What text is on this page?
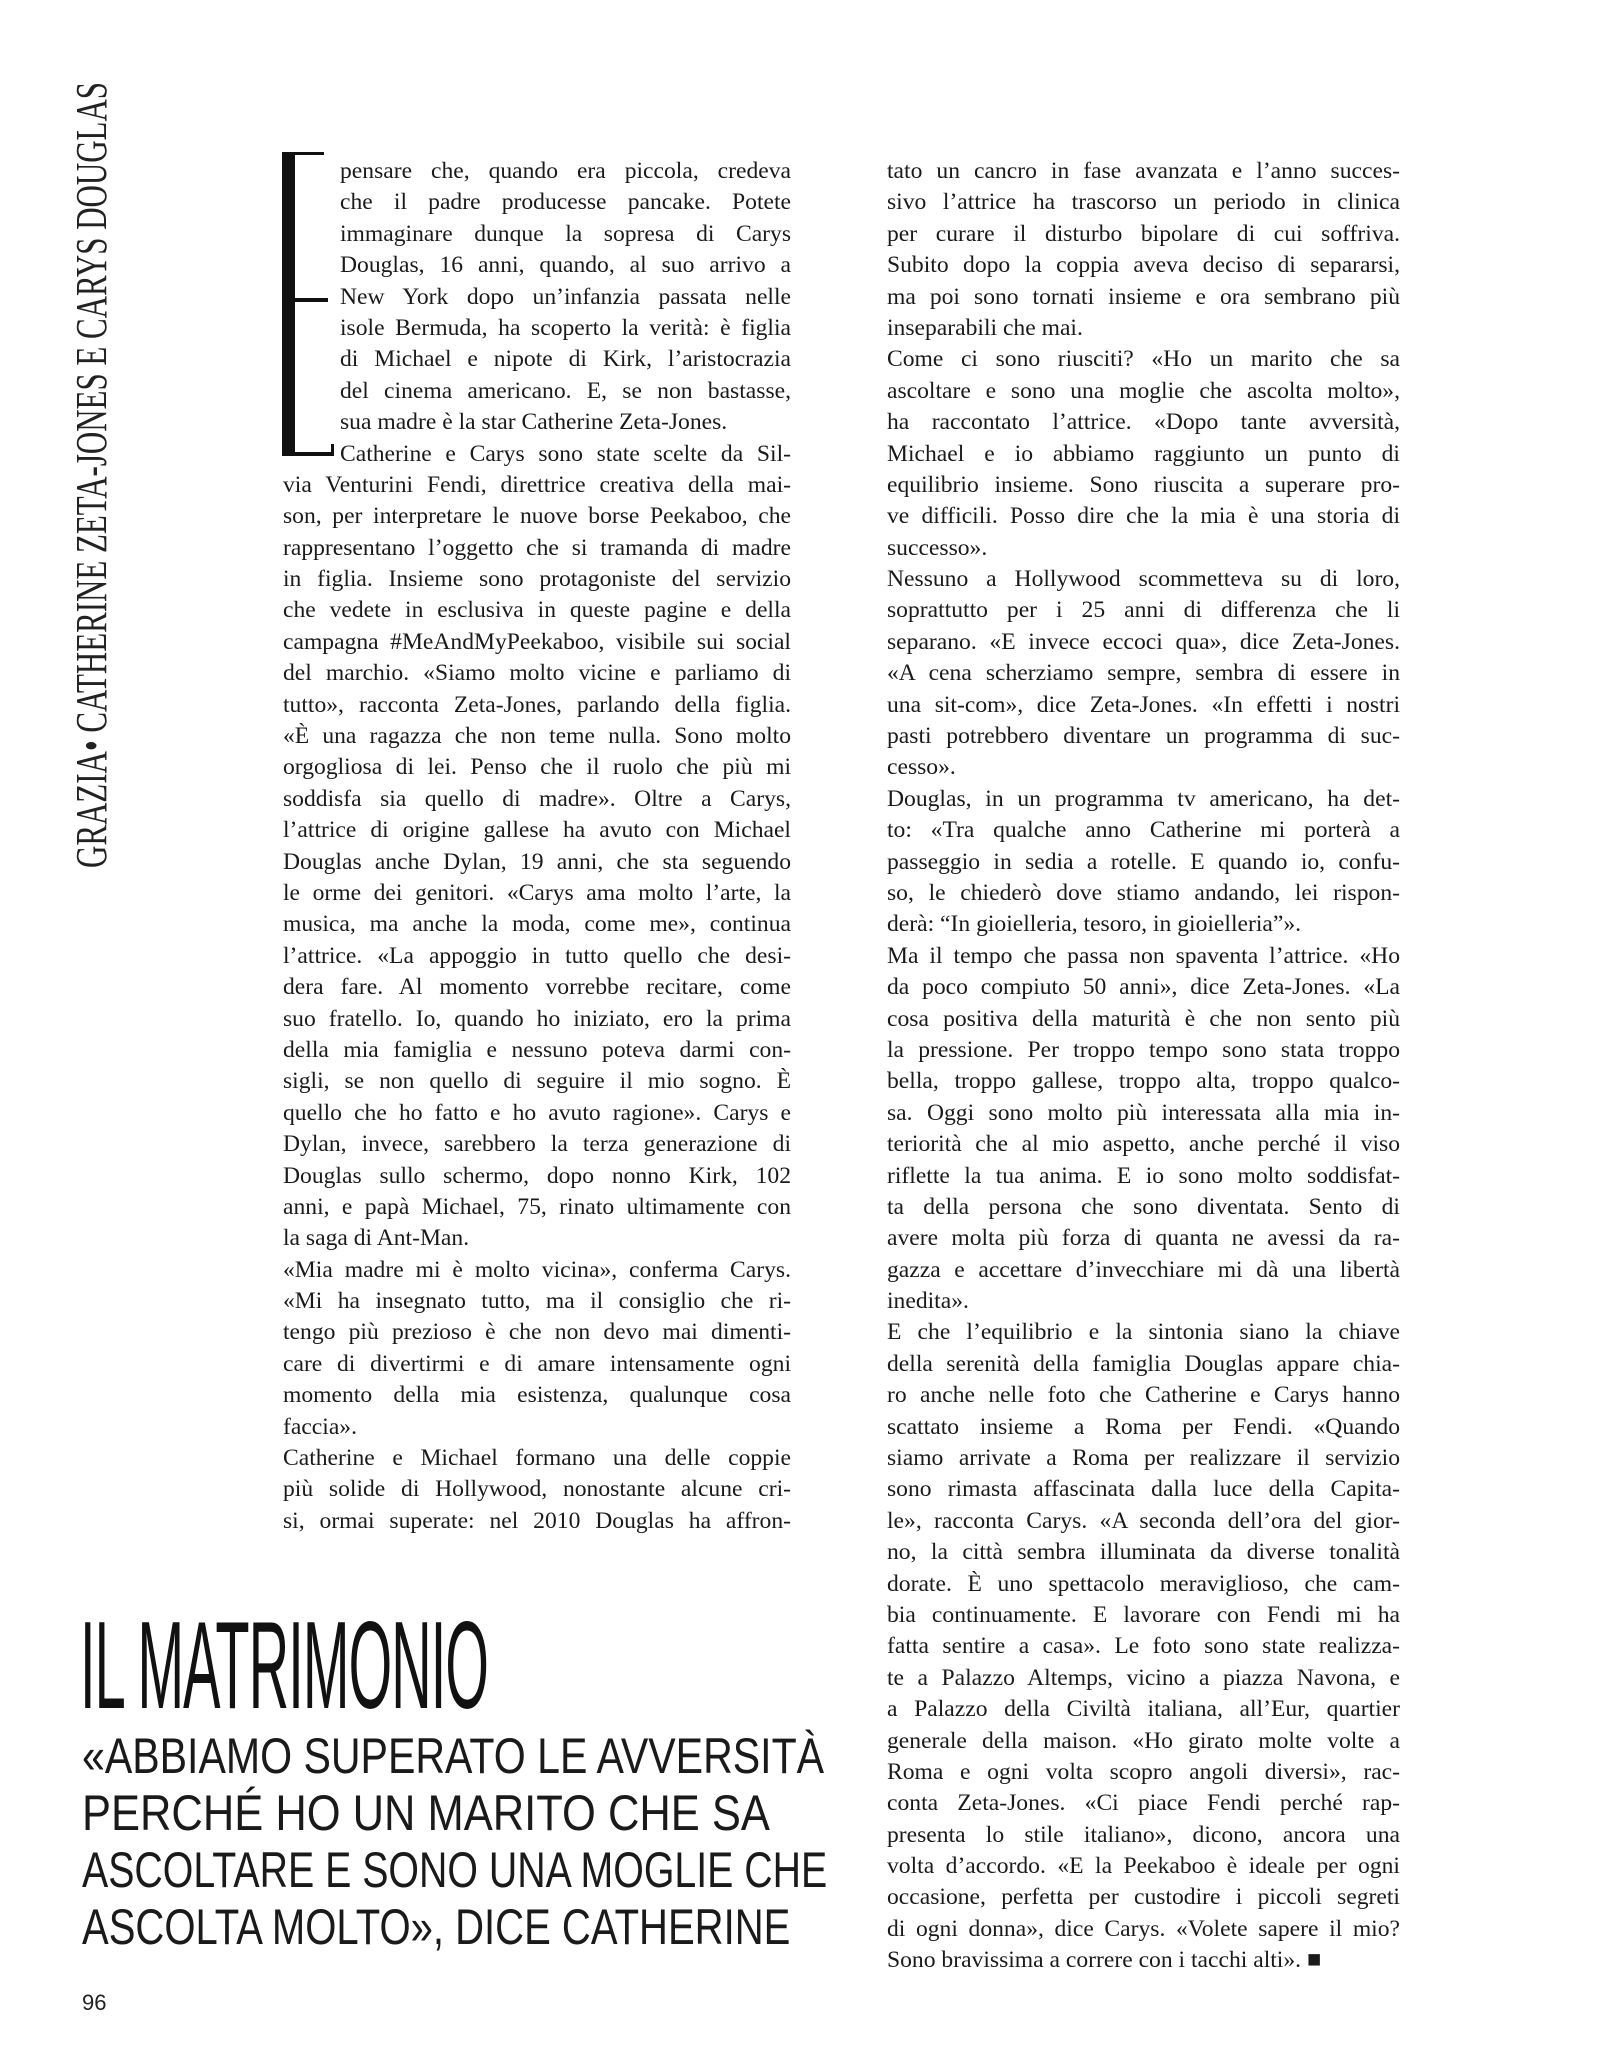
GRAZIA• CATHERINE ZETA-JONES E CARYS DOUGLAS	pensare che, quando era piccola, credeva
che il padre producesse pancake. Potete
immaginare dunque la sopresa di Carys
Douglas, 16 anni, quando, al suo arrivo a
New York dopo un’infanzia passata nelle
isole Bermuda, ha scoperto la verità: è figlia
di Michael e nipote di Kirk, l’aristocrazia
del cinema americano. E, se non bastasse,
sua madre è la star Catherine Zeta-Jones.
Catherine e Carys sono state scelte da Sil-
via Venturini Fendi, direttrice creativa della mai-
son, per interpretare le nuove borse Peekaboo, che
rappresentano l’oggetto che si tramanda di madre
in figlia. Insieme sono protagoniste del servizio
che vedete in esclusiva in queste pagine e della
campagna #MeAndMyPeekaboo, visibile sui social
del marchio. «Siamo molto vicine e parliamo di
tutto», racconta Zeta-Jones, parlando della figlia.
«È una ragazza che non teme nulla. Sono molto
orgogliosa di lei. Penso che il ruolo che più mi
soddisfa sia quello di madre». Oltre a Carys,
l’attrice di origine gallese ha avuto con Michael
Douglas anche Dylan, 19 anni, che sta seguendo
le orme dei genitori. «Carys ama molto l’arte, la
musica, ma anche la moda, come me», continua
l’attrice. «La appoggio in tutto quello che desi-
dera fare. Al momento vorrebbe recitare, come
suo fratello. Io, quando ho iniziato, ero la prima
della mia famiglia e nessuno poteva darmi con-
sigli, se non quello di seguire il mio sogno. È
quello che ho fatto e ho avuto ragione». Carys e
Dylan, invece, sarebbero la terza generazione di
Douglas sullo schermo, dopo nonno Kirk, 102
anni, e papà Michael, 75, rinato ultimamente con
la saga di Ant-Man.
«Mia madre mi è molto vicina», conferma Carys.
«Mi ha insegnato tutto, ma il consiglio che ri-
tengo più prezioso è che non devo mai dimenti-
care di divertirmi e di amare intensamente ogni
momento della mia esistenza, qualunque cosa
faccia».
Catherine e Michael formano una delle coppie
più solide di Hollywood, nonostante alcune cri-
si, ormai superate: nel 2010 Douglas ha affron-
tato un cancro in fase avanzata e l’anno succes-
sivo l’attrice ha trascorso un periodo in clinica
per curare il disturbo bipolare di cui soffriva.
Subito dopo la coppia aveva deciso di separarsi,
ma poi sono tornati insieme e ora sembrano più
inseparabili che mai.
Come ci sono riusciti? «Ho un marito che sa
ascoltare e sono una moglie che ascolta molto»,
ha raccontato l’attrice. «Dopo tante avversità,
Michael e io abbiamo raggiunto un punto di
equilibrio insieme. Sono riuscita a superare pro-
ve difficili. Posso dire che la mia è una storia di
successo».
Nessuno a Hollywood scommetteva su di loro,
soprattutto per i 25 anni di differenza che li
separano. «E invece eccoci qua», dice Zeta-Jones.
«A cena scherziamo sempre, sembra di essere in
una sit-com», dice Zeta-Jones. «In effetti i nostri
pasti potrebbero diventare un programma di suc-
cesso».
Douglas, in un programma tv americano, ha det-
to: «Tra qualche anno Catherine mi porterà a
passeggio in sedia a rotelle. E quando io, confu-
so, le chiederò dove stiamo andando, lei rispon-
derà: “In gioielleria, tesoro, in gioielleria”».
Ma il tempo che passa non spaventa l’attrice. «Ho
da poco compiuto 50 anni», dice Zeta-Jones. «La
cosa positiva della maturità è che non sento più
la pressione. Per troppo tempo sono stata troppo
bella, troppo gallese, troppo alta, troppo qualco-
sa. Oggi sono molto più interessata alla mia in-
teriorità che al mio aspetto, anche perché il viso
riflette la tua anima. E io sono molto soddisfat-
ta della persona che sono diventata. Sento di
avere molta più forza di quanta ne avessi da ra-
gazza e accettare d’invecchiare mi dà una libertà
inedita».
E che l’equilibrio e la sintonia siano la chiave
della serenità della famiglia Douglas appare chia-
ro anche nelle foto che Catherine e Carys hanno
scattato insieme a Roma per Fendi. «Quando
siamo arrivate a Roma per realizzare il servizio
sono rimasta affascinata dalla luce della Capita-
le», racconta Carys. «A seconda dell’ora del gior-
no, la città sembra illuminata da diverse tonalità
dorate. È uno spettacolo meraviglioso, che cam-
bia continuamente. E lavorare con Fendi mi ha
fatta sentire a casa». Le foto sono state realizza-
te a Palazzo Altemps, vicino a piazza Navona, e
a Palazzo della Civiltà italiana, all’Eur, quartier
generale della maison. «Ho girato molte volte a
Roma e ogni volta scopro angoli diversi», rac-
conta Zeta-Jones. «Ci piace Fendi perché rap-
presenta lo stile italiano», dicono, ancora una
volta d’accordo. «E la Peekaboo è ideale per ogni
occasione, perfetta per custodire i piccoli segreti
di ogni donna», dice Carys. «Volete sapere il mio?
Sono bravissima a correre con i tacchi alti». ■
IL MATRIMONIO
«ABBIAMO SUPERATO LE AVVERSITÀ
PERCHÉ HO UN MARITO CHE SA
ASCOLTARE E SONO UNA MOGLIE CHE
ASCOLTA MOLTO», DICE CATHERINE
96
